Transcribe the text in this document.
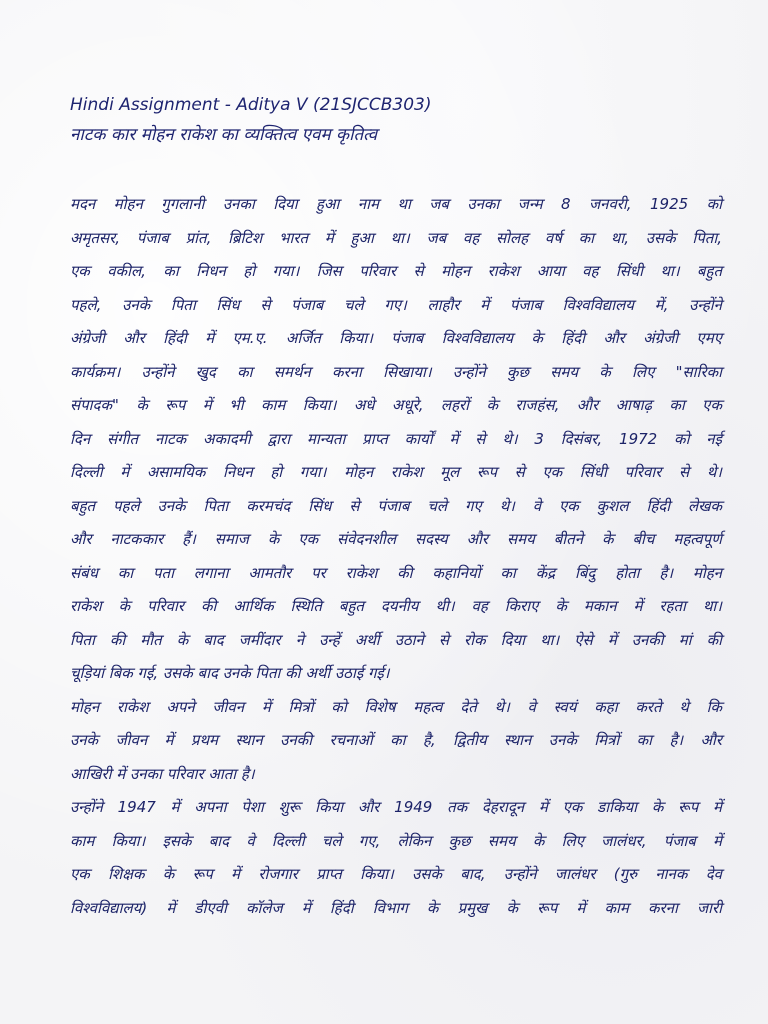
Hindi Assignment - Aditya V (21SJCCB303)
नाटक कार मोहन राकेश का व्यक्तित्व एवम कृतित्व
मदन मोहन गुगलानी उनका दिया हुआ नाम था जब उनका जन्म 8 जनवरी, 1925 को
अमृतसर, पंजाब प्रांत, ब्रिटिश भारत में हुआ था। जब वह सोलह वर्ष का था, उसके पिता,
एक वकील, का निधन हो गया। जिस परिवार से मोहन राकेश आया वह सिंधी था। बहुत
पहले, उनके पिता सिंध से पंजाब चले गए। लाहौर में पंजाब विश्वविद्यालय में, उन्होंने
अंग्रेजी और हिंदी में एम.ए. अर्जित किया। पंजाब विश्वविद्यालय के हिंदी और अंग्रेजी एमए
कार्यक्रम। उन्होंने खुद का समर्थन करना सिखाया। उन्होंने कुछ समय के लिए "सारिका
संपादक" के रूप में भी काम किया। अधे अधूरे, लहरों के राजहंस, और आषाढ़ का एक
दिन संगीत नाटक अकादमी द्वारा मान्यता प्राप्त कार्यों में से थे। 3 दिसंबर, 1972 को नई
दिल्ली में असामयिक निधन हो गया। मोहन राकेश मूल रूप से एक सिंधी परिवार से थे।
बहुत पहले उनके पिता करमचंद सिंध से पंजाब चले गए थे। वे एक कुशल हिंदी लेखक
और नाटककार हैं। समाज के एक संवेदनशील सदस्य और समय बीतने के बीच महत्वपूर्ण
संबंध का पता लगाना आमतौर पर राकेश की कहानियों का केंद्र बिंदु होता है। मोहन
राकेश के परिवार की आर्थिक स्थिति बहुत दयनीय थी। वह किराए के मकान में रहता था।
पिता की मौत के बाद जमींदार ने उन्हें अर्थी उठाने से रोक दिया था। ऐसे में उनकी मां की
चूड़ियां बिक गई, उसके बाद उनके पिता की अर्थी उठाई गई।
मोहन राकेश अपने जीवन में मित्रों को विशेष महत्व देते थे। वे स्वयं कहा करते थे कि
उनके जीवन में प्रथम स्थान उनकी रचनाओं का है, द्वितीय स्थान उनके मित्रों का है। और
आखिरी में उनका परिवार आता है।
उन्होंने 1947 में अपना पेशा शुरू किया और 1949 तक देहरादून में एक डाकिया के रूप में
काम किया। इसके बाद वे दिल्ली चले गए, लेकिन कुछ समय के लिए जालंधर, पंजाब में
एक शिक्षक के रूप में रोजगार प्राप्त किया। उसके बाद, उन्होंने जालंधर (गुरु नानक देव
विश्वविद्यालय) में डीएवी कॉलेज में हिंदी विभाग के प्रमुख के रूप में काम करना जारी
